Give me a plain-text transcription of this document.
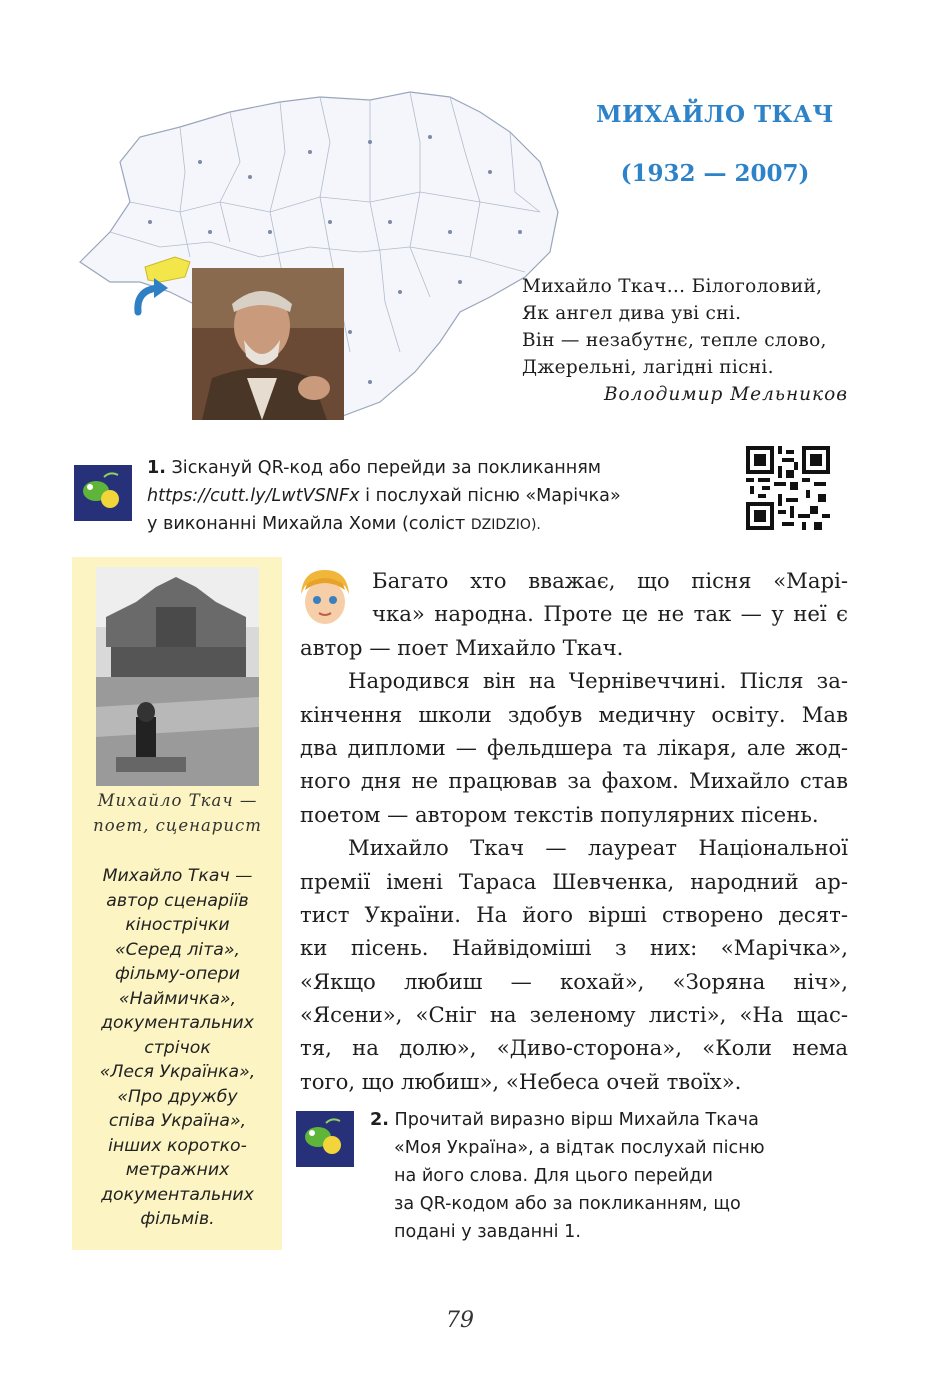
МИХАЙЛО ТКАЧ
(1932 — 2007)
Михайло Ткач… Білоголовий,
Як ангел дива уві сні.
Він — незабутнє, тепле слово,
Джерельні, лагідні пісні.
Володимир Мельников
1. Зіскануй QR-код або перейди за покликанням
https://cutt.ly/LwtVSNFx і послухай пісню «Марічка»
у виконанні Михайла Хоми (соліст DZIDZIO).
Михайло Ткач —
поет, сценарист
Михайло Ткач —
автор сценаріїв
кінострічки
«Серед літа»,
фільму-опери
«Наймичка»,
документальних
стрічок
«Леся Українка»,
«Про дружбу
співа Україна»,
інших коротко-
метражних
документальних
фільмів.
Багато хто вважає, що пісня «Марі-
чка» народна. Проте це не так — у неї є
автор — поет Михайло Ткач.
Народився він на Чернівеччині. Після за-
кінчення школи здобув медичну освіту. Мав
два дипломи — фельдшера та лікаря, але жод-
ного дня не працював за фахом. Михайло став
поетом — автором текстів популярних пісень.
Михайло Ткач — лауреат Національної
премії імені Тараса Шевченка, народний ар-
тист України. На його вірші створено десят-
ки пісень. Найвідоміші з них: «Марічка»,
«Якщо любиш — кохай», «Зоряна ніч»,
«Ясени», «Сніг на зеленому листі», «На щас-
тя, на долю», «Диво-сторона», «Коли нема
того, що любиш», «Небеса очей твоїх».
2. Прочитай виразно вірш Михайла Ткача
«Моя Україна», а відтак послухай пісню
на його слова. Для цього перейди
за QR-кодом або за покликанням, що
подані у завданні 1.
79
